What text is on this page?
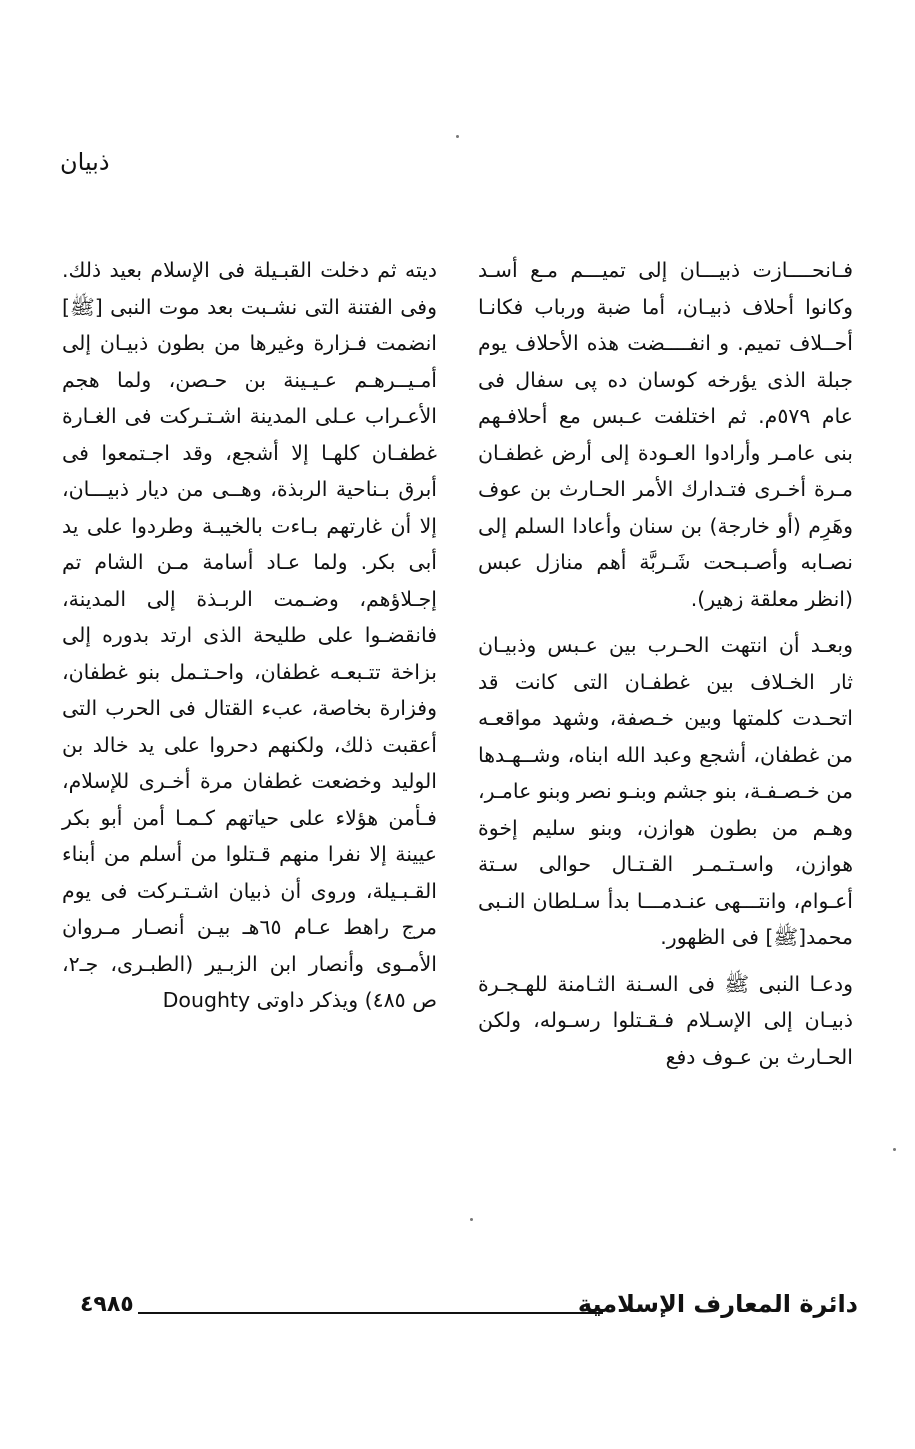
ذبيان

فـانحــــازت ذبيـــان إلى تميـــم مـع أسـد وكانوا أحلاف ذبيـان، أما ضبة ورباب فكانـا أحــلاف تميم. و انفــــضت هذه الأحلاف يوم جبلة الذى يؤرخه كوسان ده پى سفال فى عام ٥٧٩م. ثم اختلفت عـبس مع أحلافـهم بنى عامـر وأرادوا العـودة إلى أرض غطفـان مـرة أخـرى فتـدارك الأمر الحـارث بن عوف وهَرِم (أو خارجة) بن سنان وأعادا السلم إلى نصـابه وأصـبـحت شَـربَّة أهم منازل عبس (انظر معلقة زهير).

وبعـد أن انتهت الحـرب بين عـبس وذبيـان ثار الخـلاف بين غطفـان التى كانت قد اتحـدت كلمتها وبين خـصفة، وشهد مواقعـه من غطفان، أشجع وعبد الله ابناه، وشــهـدها من خـصـفـة، بنو جشم وبنـو نصر وبنو عامـر، وهـم من بطون هوازن، وبنو سليم إخوة هوازن، واسـتـمـر القـتـال حوالى سـتة أعـوام، وانتـــهى عنـدمـــا بدأ سـلطان النـبى محمد[ﷺ] فى الظهور.

ودعـا النبى ﷺ فى السـنة الثـامنة للهـجـرة ذبيـان إلى الإسـلام فـقـتلوا رسـوله، ولكن الحـارث بن عـوف دفع

ديته ثم دخلت القبـيلة فى الإسلام بعيد ذلك. وفى الفتنة التى نشـبت بعد موت النبى [ﷺ] انضمت فـزارة وغيرها من بطون ذبيـان إلى أمـيــرهـم عـيـينة بن حـصن، ولما هجم الأعـراب عـلى المدينة اشـتـركت فى الغـارة غطفـان كلهـا إلا أشجع، وقد اجـتمعوا فى أبرق بـناحية الربذة، وهــى من ديار ذبيـــان، إلا أن غارتهم بـاءت بالخيبـة وطردوا على يد أبى بكر. ولما عـاد أسامة مـن الشام تم إجـلاؤهم، وضـمت الربـذة إلى المدينة، فانقضـوا على طليحة الذى ارتد بدوره إلى بزاخة تتـبعـه غطفان، واحـتـمل بنو غطفان، وفزارة بخاصة، عبء القتال فى الحرب التى أعقبت ذلك، ولكنهم دحروا على يد خالد بن الوليد وخضعت غطفان مرة أخـرى للإسلام، فـأمن هؤلاء على حياتهم كـمـا أمن أبو بكر عيينة إلا نفرا منهم قـتلوا من أسلم من أبناء القـبـيلة، وروى أن ذبيان اشـتـركت فى يوم مرج راهط عـام ٦٥هـ بيـن أنصـار مـروان الأمـوى وأنصار ابن الزبـير (الطبـرى، جـ٢، ص ٤٨٥) ويذكر داوتى Doughty

٤٩٨٥	دائرة المعارف الإسلامية
